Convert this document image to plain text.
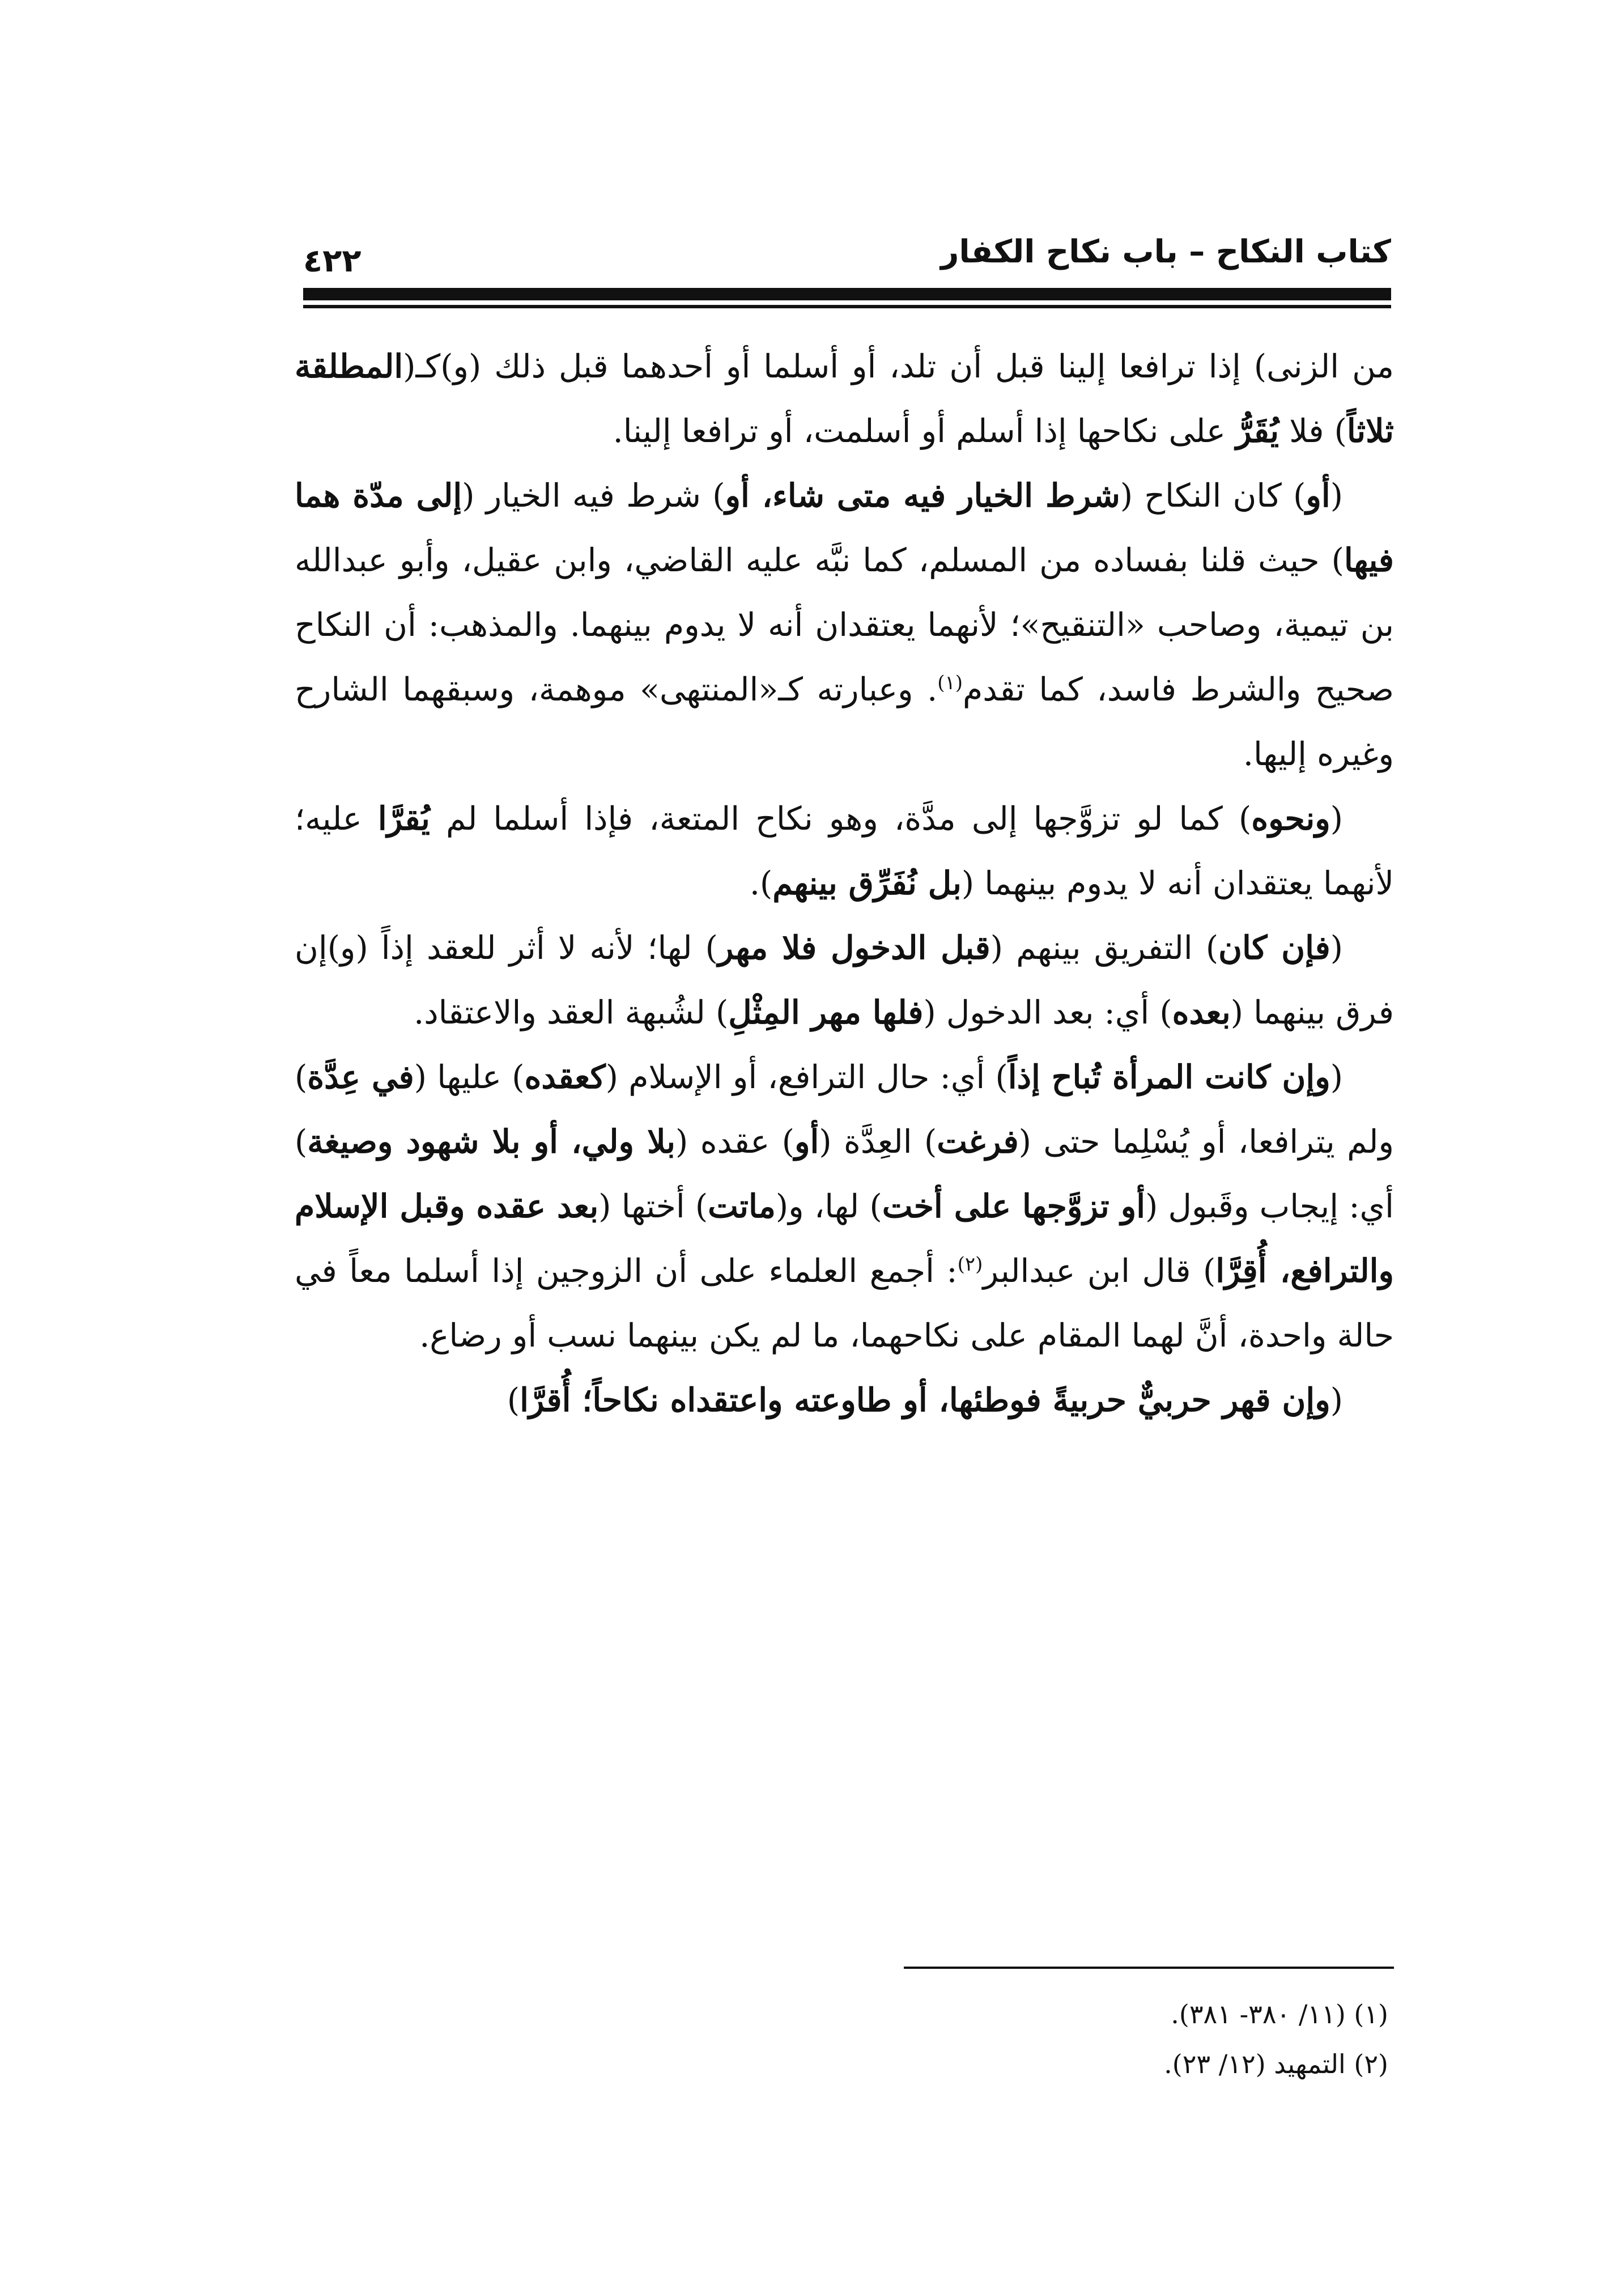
كتاب النكاح – باب نكاح الكفار
٤٢٢

من الزنى) إذا ترافعا إلينا قبل أن تلد، أو أسلما أو أحدهما قبل ذلك (و)كـ(المطلقة ثلاثاً) فلا يُقَرُّ على نكاحها إذا أسلم أو أسلمت، أو ترافعا إلينا.

(أو) كان النكاح (شرط الخيار فيه متى شاء، أو) شرط فيه الخيار (إلى مدّة هما فيها) حيث قلنا بفساده من المسلم، كما نبَّه عليه القاضي، وابن عقيل، وأبو عبدالله بن تيمية، وصاحب «التنقيح»؛ لأنهما يعتقدان أنه لا يدوم بينهما. والمذهب: أن النكاح صحيح والشرط فاسد، كما تقدم$^{(١)}$. وعبارته كـ«المنتهى» موهمة، وسبقهما الشارح وغيره إليها.

(ونحوه) كما لو تزوَّجها إلى مدَّة، وهو نكاح المتعة، فإذا أسلما لم يُقرَّا عليه؛ لأنهما يعتقدان أنه لا يدوم بينهما (بل نُفَرِّق بينهم).

(فإن كان) التفريق بينهم (قبل الدخول فلا مهر) لها؛ لأنه لا أثر للعقد إذاً (و)إن فرق بينهما (بعده) أي: بعد الدخول (فلها مهر المِثْلِ) لشُبهة العقد والاعتقاد.

(وإن كانت المرأة تُباح إذاً) أي: حال الترافع، أو الإسلام (كعقده) عليها (في عِدَّة) ولم يترافعا، أو يُسْلِما حتى (فرغت) العِدَّة (أو) عقده (بلا ولي، أو بلا شهود وصيغة) أي: إيجاب وقَبول (أو تزوَّجها على أخت) لها، و(ماتت) أختها (بعد عقده وقبل الإسلام والترافع، أُقِرَّا) قال ابن عبدالبر$^{(٢)}$: أجمع العلماء على أن الزوجين إذا أسلما معاً في حالة واحدة، أنَّ لهما المقام على نكاحهما، ما لم يكن بينهما نسب أو رضاع.

(وإن قهر حربيٌّ حربيةً فوطئها، أو طاوعته واعتقداه نكاحاً؛ أُقرَّا)

(١) (١١/ ٣٨٠- ٣٨١).
(٢) التمهيد (١٢/ ٢٣).
